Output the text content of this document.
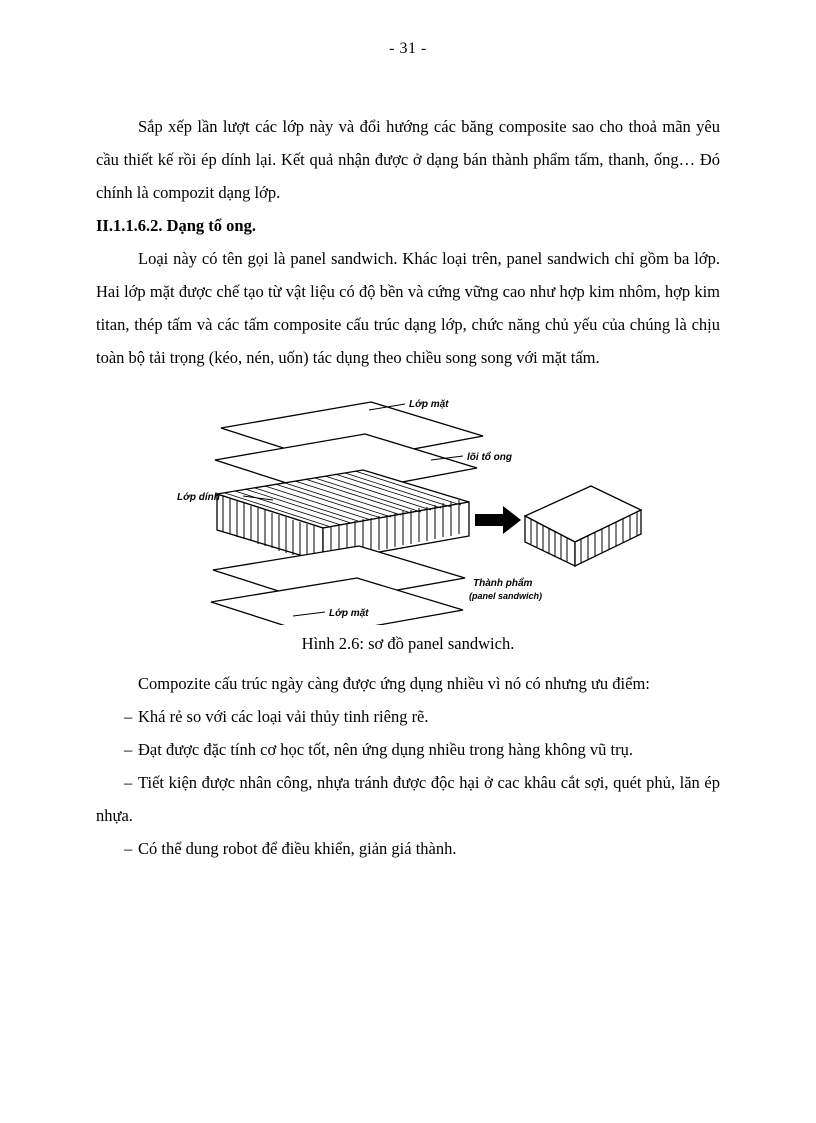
- 31 -

Sắp xếp lần lượt các lớp này và đổi hướng các băng composite sao cho thoả mãn yêu cầu thiết kế rồi ép dính lại. Kết quả nhận được ở dạng bán thành phẩm tấm, thanh, ống… Đó chính là compozit dạng lớp.

II.1.1.6.2. Dạng tổ ong.

Loại này có tên gọi là panel sandwich. Khác loại trên, panel sandwich chỉ gồm ba lớp. Hai lớp mặt được chế tạo từ vật liệu có độ bền và cứng vững cao như hợp kim nhôm, hợp kim titan, thép tấm và các tấm composite cấu trúc dạng lớp, chức năng chủ yếu của chúng là chịu toàn bộ tải trọng (kéo, nén, uốn) tác dụng theo chiều song song với mặt tấm.

Lớp mặt
lõi tổ ong
Lớp dính
Lớp mặt
Thành phẩm
(panel sandwich)
Hình 2.6: sơ đồ panel sandwich.

Compozite cấu trúc ngày càng được ứng dụng nhiều vì nó có nhưng ưu điểm:

– Khá rẻ so với các loại vải thủy tinh riêng rẽ.
– Đạt được đặc tính cơ học tốt, nên ứng dụng nhiều trong hàng không vũ trụ.
– Tiết kiện được nhân công, nhựa tránh được độc hại ở cac khâu cắt sợi, quét phủ, lăn ép nhựa.
– Có thể dung robot để điều khiển, giản giá thành.
